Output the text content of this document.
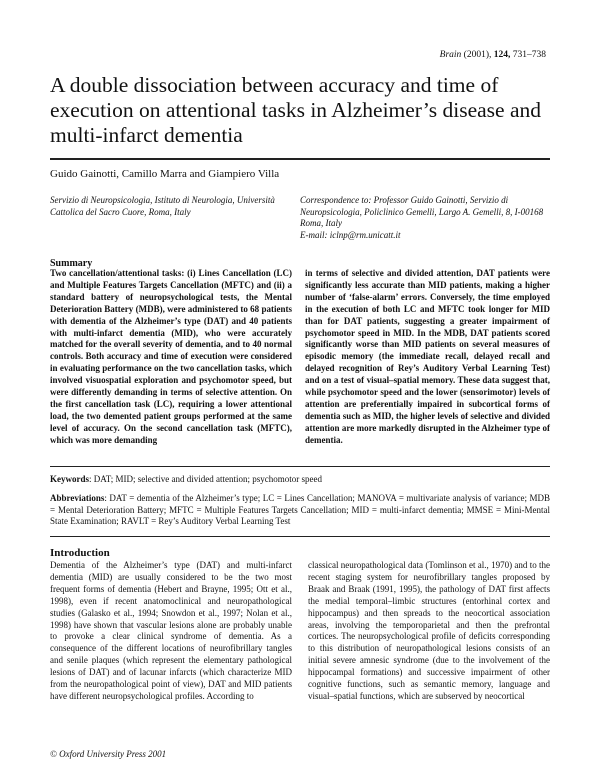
Brain (2001), 124, 731–738
A double dissociation between accuracy and time of execution on attentional tasks in Alzheimer’s disease and multi-infarct dementia
Guido Gainotti, Camillo Marra and Giampiero Villa
Servizio di Neuropsicologia, Istituto di Neurologia, Università Cattolica del Sacro Cuore, Roma, Italy

Correspondence to: Professor Guido Gainotti, Servizio di Neuropsicologia, Policlinico Gemelli, Largo A. Gemelli, 8, I-00168 Roma, Italy

E-mail: iclnp@rm.unicatt.it

Summary
Two cancellation/attentional tasks: (i) Lines Cancellation (LC) and Multiple Features Targets Cancellation (MFTC) and (ii) a standard battery of neuropsychological tests, the Mental Deterioration Battery (MDB), were administered to 68 patients with dementia of the Alzheimer’s type (DAT) and 40 patients with multi-infarct dementia (MID), who were accurately matched for the overall severity of dementia, and to 40 normal controls. Both accuracy and time of execution were considered in evaluating performance on the two cancellation tasks, which involved visuospatial exploration and psychomotor speed, but were differently demanding in terms of selective attention. On the first cancellation task (LC), requiring a lower attentional load, the two demented patient groups performed at the same level of accuracy. On the second cancellation task (MFTC), which was more demanding
in terms of selective and divided attention, DAT patients were significantly less accurate than MID patients, making a higher number of ‘false-alarm’ errors. Conversely, the time employed in the execution of both LC and MFTC took longer for MID than for DAT patients, suggesting a greater impairment of psychomotor speed in MID. In the MDB, DAT patients scored significantly worse than MID patients on several measures of episodic memory (the immediate recall, delayed recall and delayed recognition of Rey’s Auditory Verbal Learning Test) and on a test of visual–spatial memory. These data suggest that, while psychomotor speed and the lower (sensorimotor) levels of attention are preferentially impaired in subcortical forms of dementia such as MID, the higher levels of selective and divided attention are more markedly disrupted in the Alzheimer type of dementia.
Keywords: DAT; MID; selective and divided attention; psychomotor speed
Abbreviations: DAT = dementia of the Alzheimer’s type; LC = Lines Cancellation; MANOVA = multivariate analysis of variance; MDB = Mental Deterioration Battery; MFTC = Multiple Features Targets Cancellation; MID = multi-infarct dementia; MMSE = Mini-Mental State Examination; RAVLT = Rey’s Auditory Verbal Learning Test
Introduction
Dementia of the Alzheimer’s type (DAT) and multi-infarct dementia (MID) are usually considered to be the two most frequent forms of dementia (Hebert and Brayne, 1995; Ott et al., 1998), even if recent anatomoclinical and neuropathological studies (Galasko et al., 1994; Snowdon et al., 1997; Nolan et al., 1998) have shown that vascular lesions alone are probably unable to provoke a clear clinical syndrome of dementia. As a consequence of the different locations of neurofibrillary tangles and senile plaques (which represent the elementary pathological lesions of DAT) and of lacunar infarcts (which characterize MID from the neuropathological point of view), DAT and MID patients have different neuropsychological profiles. According to
classical neuropathological data (Tomlinson et al., 1970) and to the recent staging system for neurofibrillary tangles proposed by Braak and Braak (1991, 1995), the pathology of DAT first affects the medial temporal–limbic structures (entorhinal cortex and hippocampus) and then spreads to the neocortical association areas, involving the temporoparietal and then the prefrontal cortices. The neuropsychological profile of deficits corresponding to this distribution of neuropathological lesions consists of an initial severe amnesic syndrome (due to the involvement of the hippocampal formations) and successive impairment of other cognitive functions, such as semantic memory, language and visual–spatial functions, which are subserved by neocortical
© Oxford University Press 2001
